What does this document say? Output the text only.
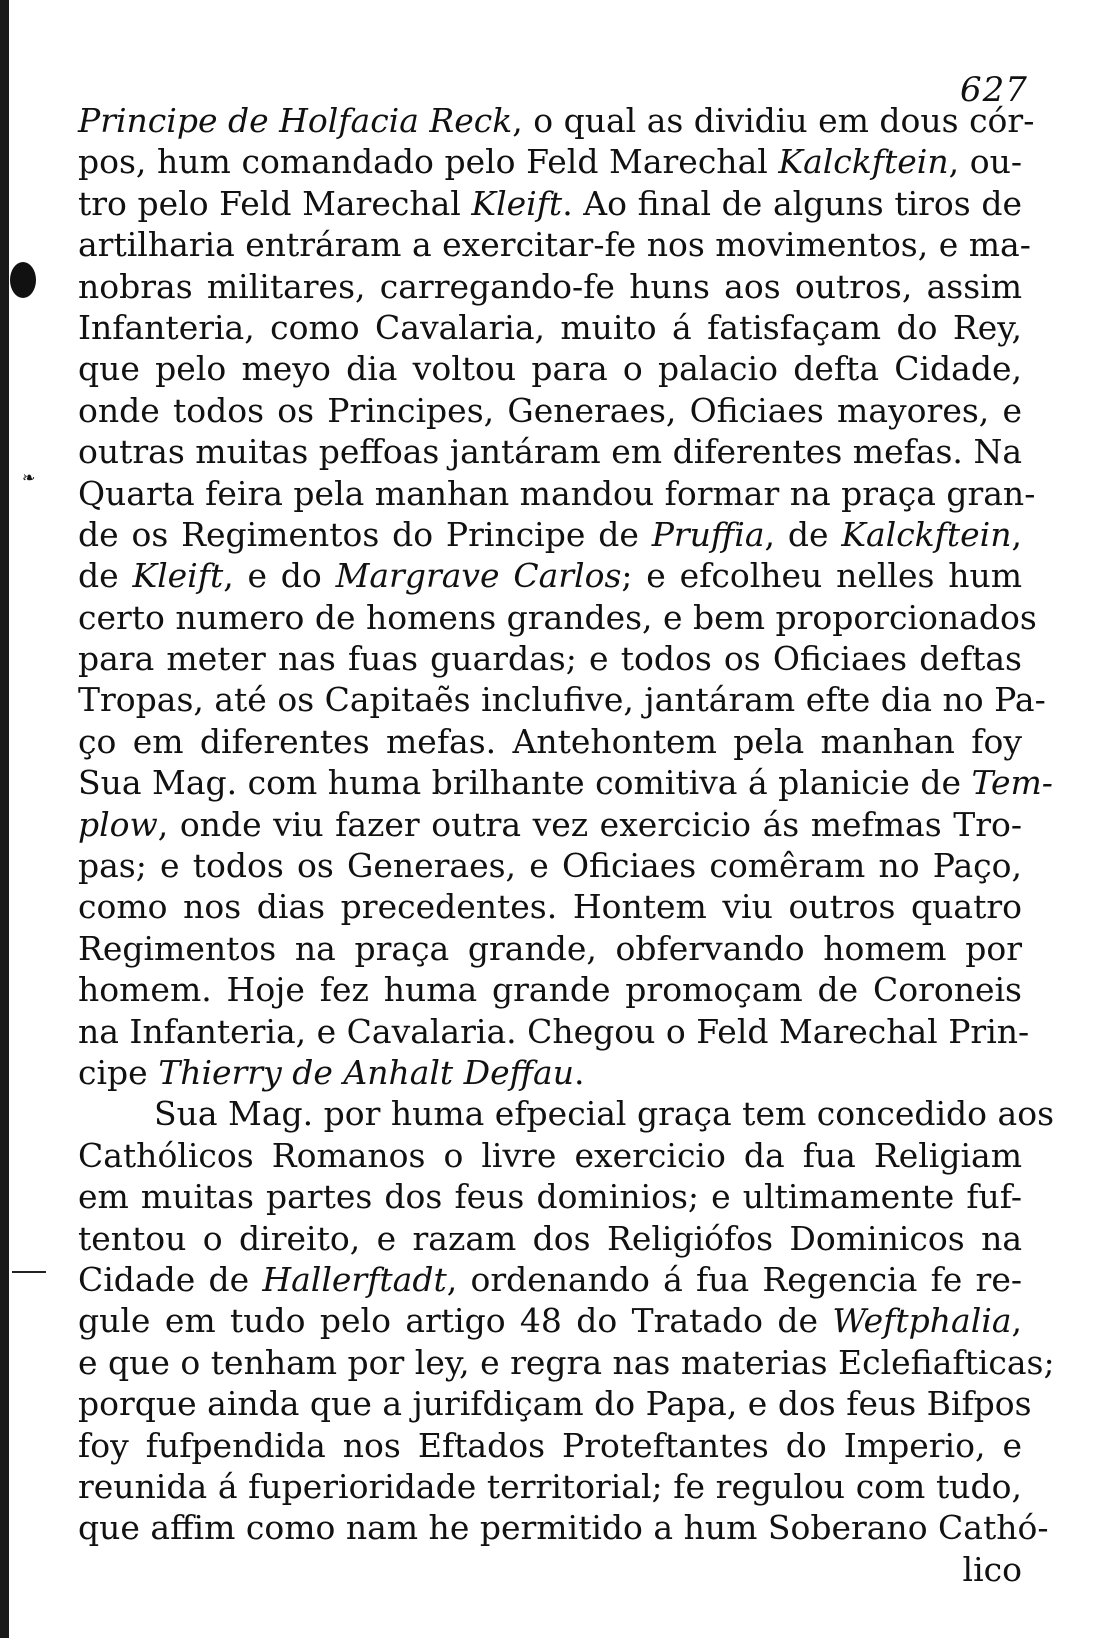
❧
627
Principe de Holfacia Reck, o qual as dividiu em dous cór-
pos, hum comandado pelo Feld Marechal Kalckftein, ou-
tro pelo Feld Marechal Kleift. Ao final de alguns tiros de
artilharia entráram a exercitar-fe nos movimentos, e ma-
nobras militares, carregando-fe huns aos outros, assim
Infanteria, como Cavalaria, muito á fatisfaçam do Rey,
que pelo meyo dia voltou para o palacio defta Cidade,
onde todos os Principes, Generaes, Oficiaes mayores, e
outras muitas peffoas jantáram em diferentes mefas. Na
Quarta feira pela manhan mandou formar na praça gran-
de os Regimentos do Principe de Pruffia, de Kalckftein,
de Kleift, e do Margrave Carlos; e efcolheu nelles hum
certo numero de homens grandes, e bem proporcionados
para meter nas fuas guardas; e todos os Oficiaes deftas
Tropas, até os Capitaẽs inclufive, jantáram efte dia no Pa-
ço em diferentes mefas. Antehontem pela manhan foy
Sua Mag. com huma brilhante comitiva á planicie de Tem-
plow, onde viu fazer outra vez exercicio ás mefmas Tro-
pas; e todos os Generaes, e Oficiaes comêram no Paço,
como nos dias precedentes. Hontem viu outros quatro
Regimentos na praça grande, obfervando homem por
homem. Hoje fez huma grande promoçam de Coroneis
na Infanteria, e Cavalaria. Chegou o Feld Marechal Prin-
cipe Thierry de Anhalt Deffau.
Sua Mag. por huma efpecial graça tem concedido aos
Cathólicos Romanos o livre exercicio da fua Religiam
em muitas partes dos feus dominios; e ultimamente fuf-
tentou o direito, e razam dos Religiófos Dominicos na
Cidade de Hallerftadt, ordenando á fua Regencia fe re-
gule em tudo pelo artigo 48 do Tratado de Weftphalia,
e que o tenham por ley, e regra nas materias Eclefiafticas;
porque ainda que a jurifdiçam do Papa, e dos feus Bifpos
foy fufpendida nos Eftados Proteftantes do Imperio, e
reunida á fuperioridade territorial; fe regulou com tudo,
que affim como nam he permitido a hum Soberano Cathó-
lico
